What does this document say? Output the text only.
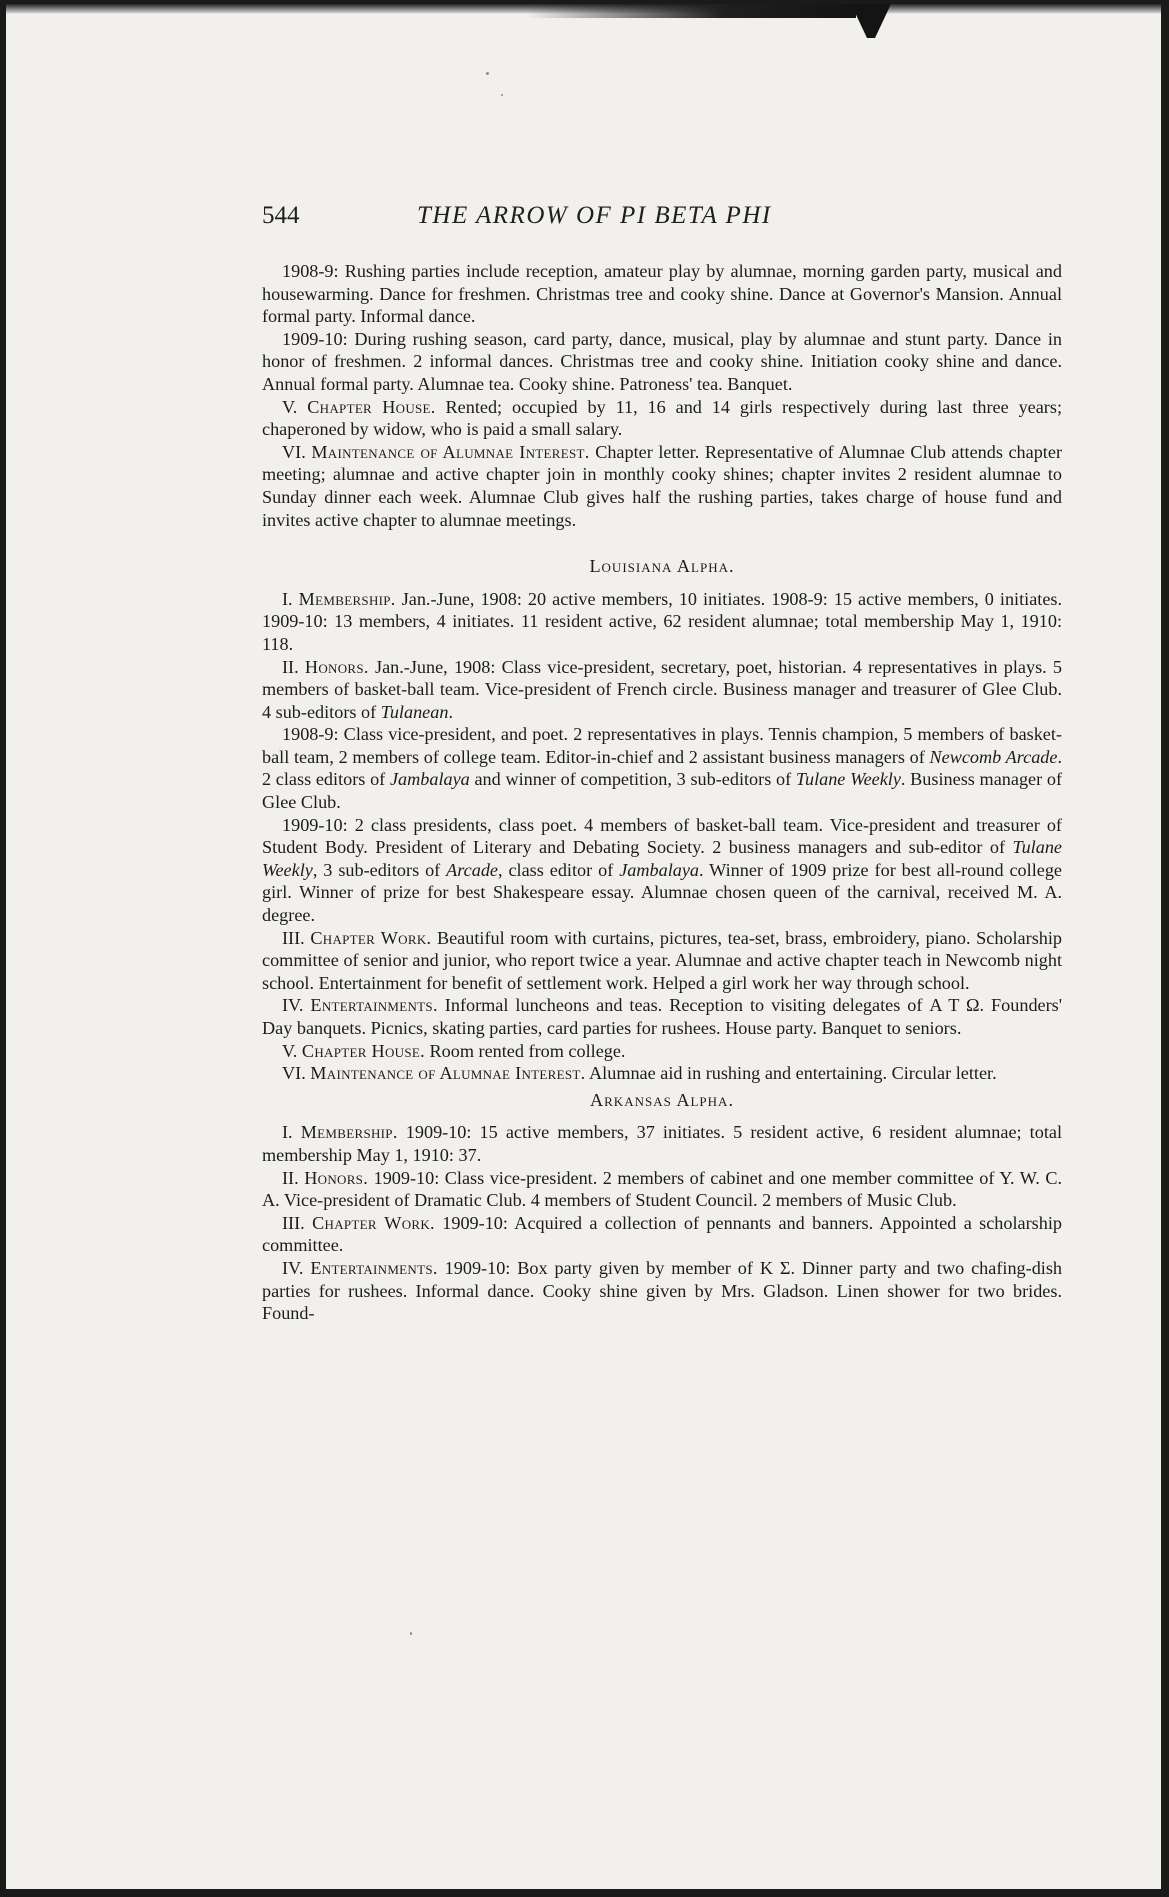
544	THE ARROW OF PI BETA PHI

1908-9: Rushing parties include reception, amateur play by alumnae, morning garden party, musical and housewarming. Dance for freshmen. Christmas tree and cooky shine. Dance at Governor's Mansion. Annual formal party. Informal dance.

1909-10: During rushing season, card party, dance, musical, play by alumnae and stunt party. Dance in honor of freshmen. 2 informal dances. Christmas tree and cooky shine. Initiation cooky shine and dance. Annual formal party. Alumnae tea. Cooky shine. Patroness' tea. Banquet.

V. Chapter House. Rented; occupied by 11, 16 and 14 girls respectively during last three years; chaperoned by widow, who is paid a small salary.

VI. Maintenance of Alumnae Interest. Chapter letter. Representative of Alumnae Club attends chapter meeting; alumnae and active chapter join in monthly cooky shines; chapter invites 2 resident alumnae to Sunday dinner each week. Alumnae Club gives half the rushing parties, takes charge of house fund and invites active chapter to alumnae meetings.

Louisiana Alpha.

I. Membership. Jan.-June, 1908: 20 active members, 10 initiates. 1908-9: 15 active members, 0 initiates. 1909-10: 13 members, 4 initiates. 11 resident active, 62 resident alumnae; total membership May 1, 1910: 118.

II. Honors. Jan.-June, 1908: Class vice-president, secretary, poet, historian. 4 representatives in plays. 5 members of basket-ball team. Vice-president of French circle. Business manager and treasurer of Glee Club. 4 sub-editors of Tulanean.

1908-9: Class vice-president, and poet. 2 representatives in plays. Tennis champion, 5 members of basket-ball team, 2 members of college team. Editor-in-chief and 2 assistant business managers of Newcomb Arcade. 2 class editors of Jambalaya and winner of competition, 3 sub-editors of Tulane Weekly. Business manager of Glee Club.

1909-10: 2 class presidents, class poet. 4 members of basket-ball team. Vice-president and treasurer of Student Body. President of Literary and Debating Society. 2 business managers and sub-editor of Tulane Weekly, 3 sub-editors of Arcade, class editor of Jambalaya. Winner of 1909 prize for best all-round college girl. Winner of prize for best Shakespeare essay. Alumnae chosen queen of the carnival, received M. A. degree.

III. Chapter Work. Beautiful room with curtains, pictures, tea-set, brass, embroidery, piano. Scholarship committee of senior and junior, who report twice a year. Alumnae and active chapter teach in Newcomb night school. Entertainment for benefit of settlement work. Helped a girl work her way through school.

IV. Entertainments. Informal luncheons and teas. Reception to visiting delegates of Α Τ Ω. Founders' Day banquets. Picnics, skating parties, card parties for rushees. House party. Banquet to seniors.

V. Chapter House. Room rented from college.

VI. Maintenance of Alumnae Interest. Alumnae aid in rushing and entertaining. Circular letter.

Arkansas Alpha.

I. Membership. 1909-10: 15 active members, 37 initiates. 5 resident active, 6 resident alumnae; total membership May 1, 1910: 37.

II. Honors. 1909-10: Class vice-president. 2 members of cabinet and one member committee of Y. W. C. A. Vice-president of Dramatic Club. 4 members of Student Council. 2 members of Music Club.

III. Chapter Work. 1909-10: Acquired a collection of pennants and banners. Appointed a scholarship committee.

IV. Entertainments. 1909-10: Box party given by member of Κ Σ. Dinner party and two chafing-dish parties for rushees. Informal dance. Cooky shine given by Mrs. Gladson. Linen shower for two brides. Found-
